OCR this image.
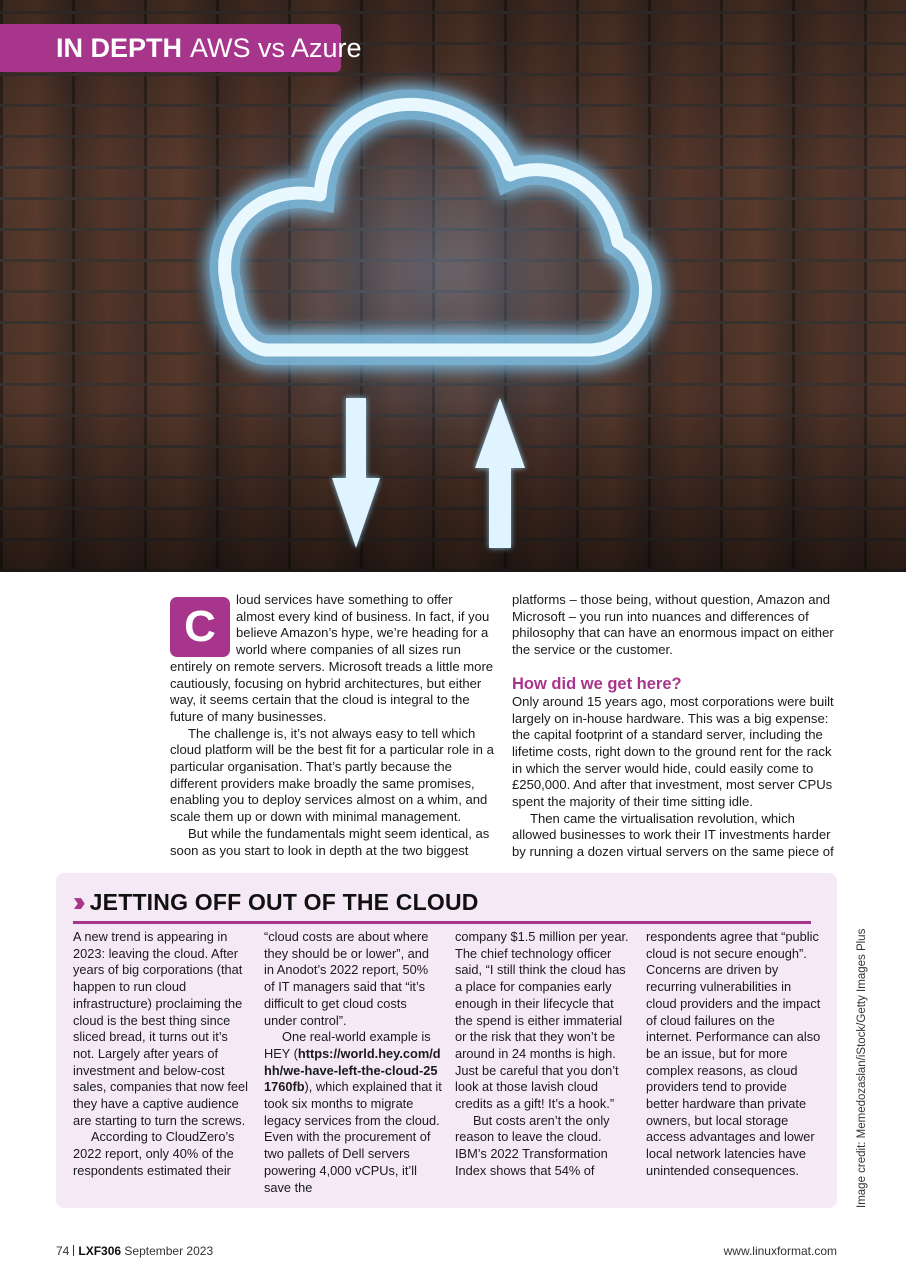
IN DEPTH AWS vs Azure
C

loud services have something to offer almost every kind of business. In fact, if you believe Amazon’s hype, we’re heading for a world where companies of all sizes run entirely on remote servers. Microsoft treads a little more cautiously, focusing on hybrid architectures, but either way, it seems certain that the cloud is integral to the future of many businesses.

The challenge is, it’s not always easy to tell which cloud platform will be the best fit for a particular role in a particular organisation. That’s partly because the different providers make broadly the same promises, enabling you to deploy services almost on a whim, and scale them up or down with minimal management.

But while the fundamentals might seem identical, as soon as you start to look in depth at the two biggest

platforms – those being, without question, Amazon and Microsoft – you run into nuances and differences of philosophy that can have an enormous impact on either the service or the customer.

How did we get here?

Only around 15 years ago, most corporations were built largely on in-house hardware. This was a big expense: the capital footprint of a standard server, including the lifetime costs, right down to the ground rent for the rack in which the server would hide, could easily come to £250,000. And after that investment, most server CPUs spent the majority of their time sitting idle.

Then came the virtualisation revolution, which allowed businesses to work their IT investments harder by running a dozen virtual servers on the same piece of

›› JETTING OFF OUT OF THE CLOUD

A new trend is appearing in 2023: leaving the cloud. After years of big corporations (that happen to run cloud infrastructure) proclaiming the cloud is the best thing since sliced bread, it turns out it’s not. Largely after years of investment and below-cost sales, companies that now feel they have a captive audience are starting to turn the screws.

According to CloudZero’s 2022 report, only 40% of the respondents estimated their

“cloud costs are about where they should be or lower”, and in Anodot’s 2022 report, 50% of IT managers said that “it’s difficult to get cloud costs under control”.

One real-world example is HEY (https://world.hey.com/dhh/we-have-left-the-cloud-251760fb), which explained that it took six months to migrate legacy services from the cloud. Even with the procurement of two pallets of Dell servers powering 4,000 vCPUs, it’ll save the

company $1.5 million per year. The chief technology officer said, “I still think the cloud has a place for companies early enough in their lifecycle that the spend is either immaterial or the risk that they won’t be around in 24 months is high. Just be careful that you don’t look at those lavish cloud credits as a gift! It’s a hook.”

But costs aren’t the only reason to leave the cloud. IBM’s 2022 Transformation Index shows that 54% of

respondents agree that “public cloud is not secure enough”. Concerns are driven by recurring vulnerabilities in cloud providers and the impact of cloud failures on the internet. Performance can also be an issue, but for more complex reasons, as cloud providers tend to provide better hardware than private owners, but local storage access advantages and lower local network latencies have unintended consequences.	Image credit: Memedozaslan/iStock/Getty Images Plus
74 LXF306 September 2023	www.linuxformat.com
